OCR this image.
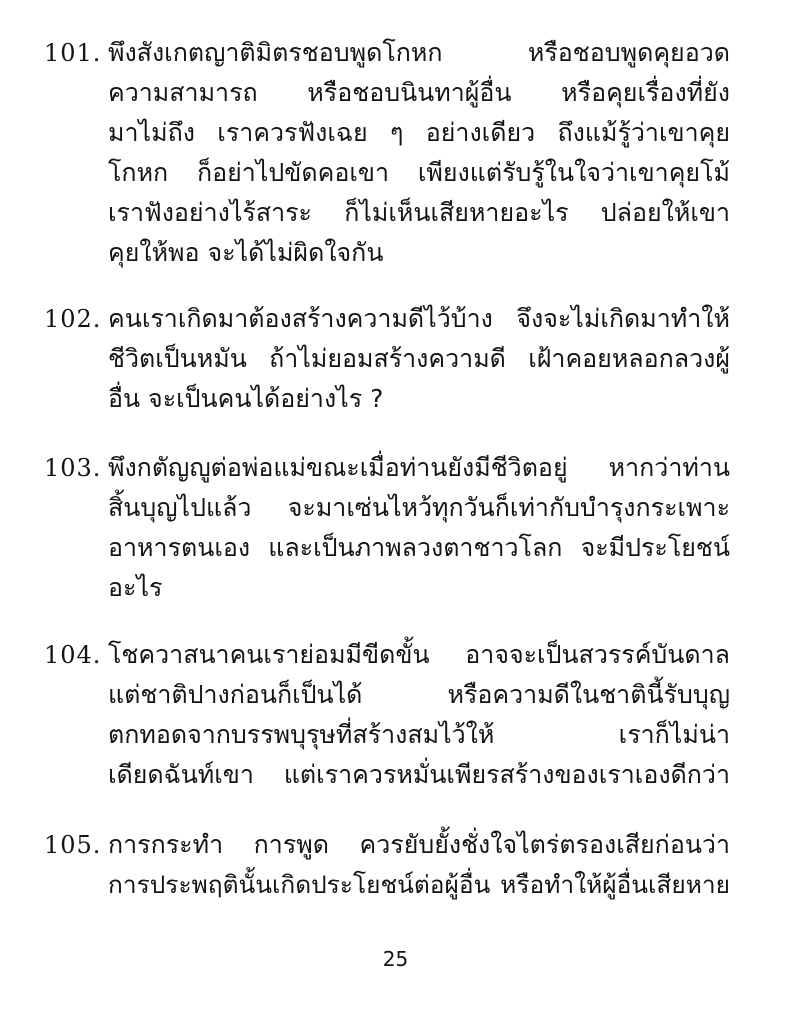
101. พึงสังเกตญาติมิตรชอบพูดโกหก หรือชอบพูดคุยอวด
ความสามารถ หรือชอบนินทาผู้อื่น หรือคุยเรื่องที่ยัง
มาไม่ถึง เราควรฟังเฉย ๆ อย่างเดียว ถึงแม้รู้ว่าเขาคุย
โกหก ก็อย่าไปขัดคอเขา เพียงแต่รับรู้ในใจว่าเขาคุยโม้
เราฟังอย่างไร้สาระ ก็ไม่เห็นเสียหายอะไร ปล่อยให้เขา
คุยให้พอ จะได้ไม่ผิดใจกัน
102. คนเราเกิดมาต้องสร้างความดีไว้บ้าง จึงจะไม่เกิดมาทำให้
ชีวิตเป็นหมัน ถ้าไม่ยอมสร้างความดี เฝ้าคอยหลอกลวงผู้
อื่น จะเป็นคนได้อย่างไร ?
103. พึงกตัญญูต่อพ่อแม่ขณะเมื่อท่านยังมีชีวิตอยู่ หากว่าท่าน
สิ้นบุญไปแล้ว จะมาเซ่นไหว้ทุกวันก็เท่ากับบำรุงกระเพาะ
อาหารตนเอง และเป็นภาพลวงตาชาวโลก จะมีประโยชน์
อะไร
104. โชควาสนาคนเราย่อมมีขีดขั้น อาจจะเป็นสวรรค์บันดาล
แต่ชาติปางก่อนก็เป็นได้ หรือความดีในชาตินี้รับบุญ
ตกทอดจากบรรพบุรุษที่สร้างสมไว้ให้ เราก็ไม่น่า
เดียดฉันท์เขา แต่เราควรหมั่นเพียรสร้างของเราเองดีกว่า
105. การกระทำ การพูด ควรยับยั้งชั่งใจไตร่ตรองเสียก่อนว่า
การประพฤตินั้นเกิดประโยชน์ต่อผู้อื่น หรือทำให้ผู้อื่นเสียหาย
25
